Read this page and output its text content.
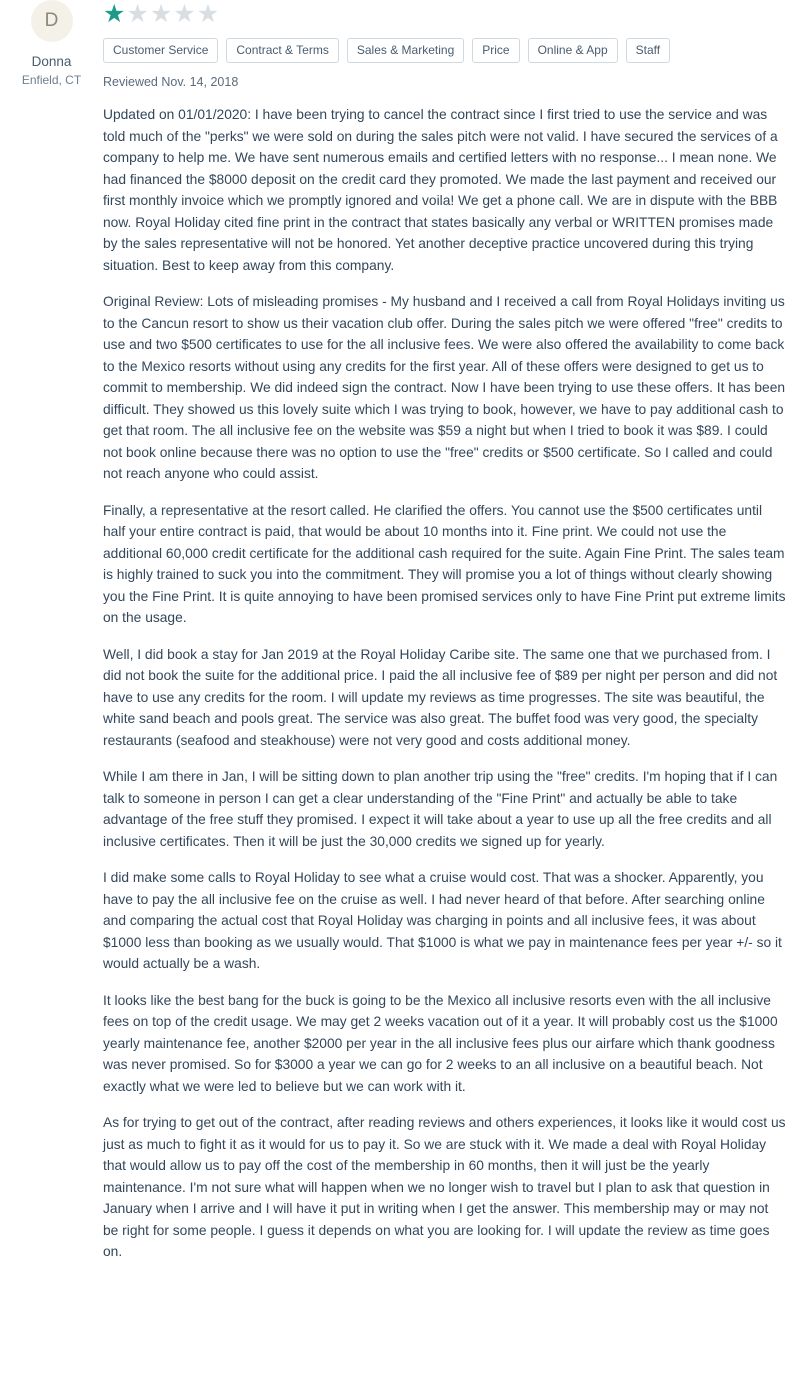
D
Donna
Enfield, CT
★★★★★
Customer Service	Contract & Terms	Sales & Marketing	Price	Online & App	Staff
Reviewed Nov. 14, 2018

Updated on 01/01/2020: I have been trying to cancel the contract since I first tried to use the service and was told much of the "perks" we were sold on during the sales pitch were not valid. I have secured the services of a company to help me. We have sent numerous emails and certified letters with no response... I mean none. We had financed the $8000 deposit on the credit card they promoted. We made the last payment and received our first monthly invoice which we promptly ignored and voila! We get a phone call. We are in dispute with the BBB now. Royal Holiday cited fine print in the contract that states basically any verbal or WRITTEN promises made by the sales representative will not be honored. Yet another deceptive practice uncovered during this trying situation. Best to keep away from this company.

Original Review: Lots of misleading promises - My husband and I received a call from Royal Holidays inviting us to the Cancun resort to show us their vacation club offer. During the sales pitch we were offered "free" credits to use and two $500 certificates to use for the all inclusive fees. We were also offered the availability to come back to the Mexico resorts without using any credits for the first year. All of these offers were designed to get us to commit to membership. We did indeed sign the contract. Now I have been trying to use these offers. It has been difficult. They showed us this lovely suite which I was trying to book, however, we have to pay additional cash to get that room. The all inclusive fee on the website was $59 a night but when I tried to book it was $89. I could not book online because there was no option to use the "free" credits or $500 certificate. So I called and could not reach anyone who could assist.

Finally, a representative at the resort called. He clarified the offers. You cannot use the $500 certificates until half your entire contract is paid, that would be about 10 months into it. Fine print. We could not use the additional 60,000 credit certificate for the additional cash required for the suite. Again Fine Print. The sales team is highly trained to suck you into the commitment. They will promise you a lot of things without clearly showing you the Fine Print. It is quite annoying to have been promised services only to have Fine Print put extreme limits on the usage.

Well, I did book a stay for Jan 2019 at the Royal Holiday Caribe site. The same one that we purchased from. I did not book the suite for the additional price. I paid the all inclusive fee of $89 per night per person and did not have to use any credits for the room. I will update my reviews as time progresses. The site was beautiful, the white sand beach and pools great. The service was also great. The buffet food was very good, the specialty restaurants (seafood and steakhouse) were not very good and costs additional money.

While I am there in Jan, I will be sitting down to plan another trip using the "free" credits. I'm hoping that if I can talk to someone in person I can get a clear understanding of the "Fine Print" and actually be able to take advantage of the free stuff they promised. I expect it will take about a year to use up all the free credits and all inclusive certificates. Then it will be just the 30,000 credits we signed up for yearly.

I did make some calls to Royal Holiday to see what a cruise would cost. That was a shocker. Apparently, you have to pay the all inclusive fee on the cruise as well. I had never heard of that before. After searching online and comparing the actual cost that Royal Holiday was charging in points and all inclusive fees, it was about $1000 less than booking as we usually would. That $1000 is what we pay in maintenance fees per year +/- so it would actually be a wash.

It looks like the best bang for the buck is going to be the Mexico all inclusive resorts even with the all inclusive fees on top of the credit usage. We may get 2 weeks vacation out of it a year. It will probably cost us the $1000 yearly maintenance fee, another $2000 per year in the all inclusive fees plus our airfare which thank goodness was never promised. So for $3000 a year we can go for 2 weeks to an all inclusive on a beautiful beach. Not exactly what we were led to believe but we can work with it.

As for trying to get out of the contract, after reading reviews and others experiences, it looks like it would cost us just as much to fight it as it would for us to pay it. So we are stuck with it. We made a deal with Royal Holiday that would allow us to pay off the cost of the membership in 60 months, then it will just be the yearly maintenance. I'm not sure what will happen when we no longer wish to travel but I plan to ask that question in January when I arrive and I will have it put in writing when I get the answer. This membership may or may not be right for some people. I guess it depends on what you are looking for. I will update the review as time goes on.
